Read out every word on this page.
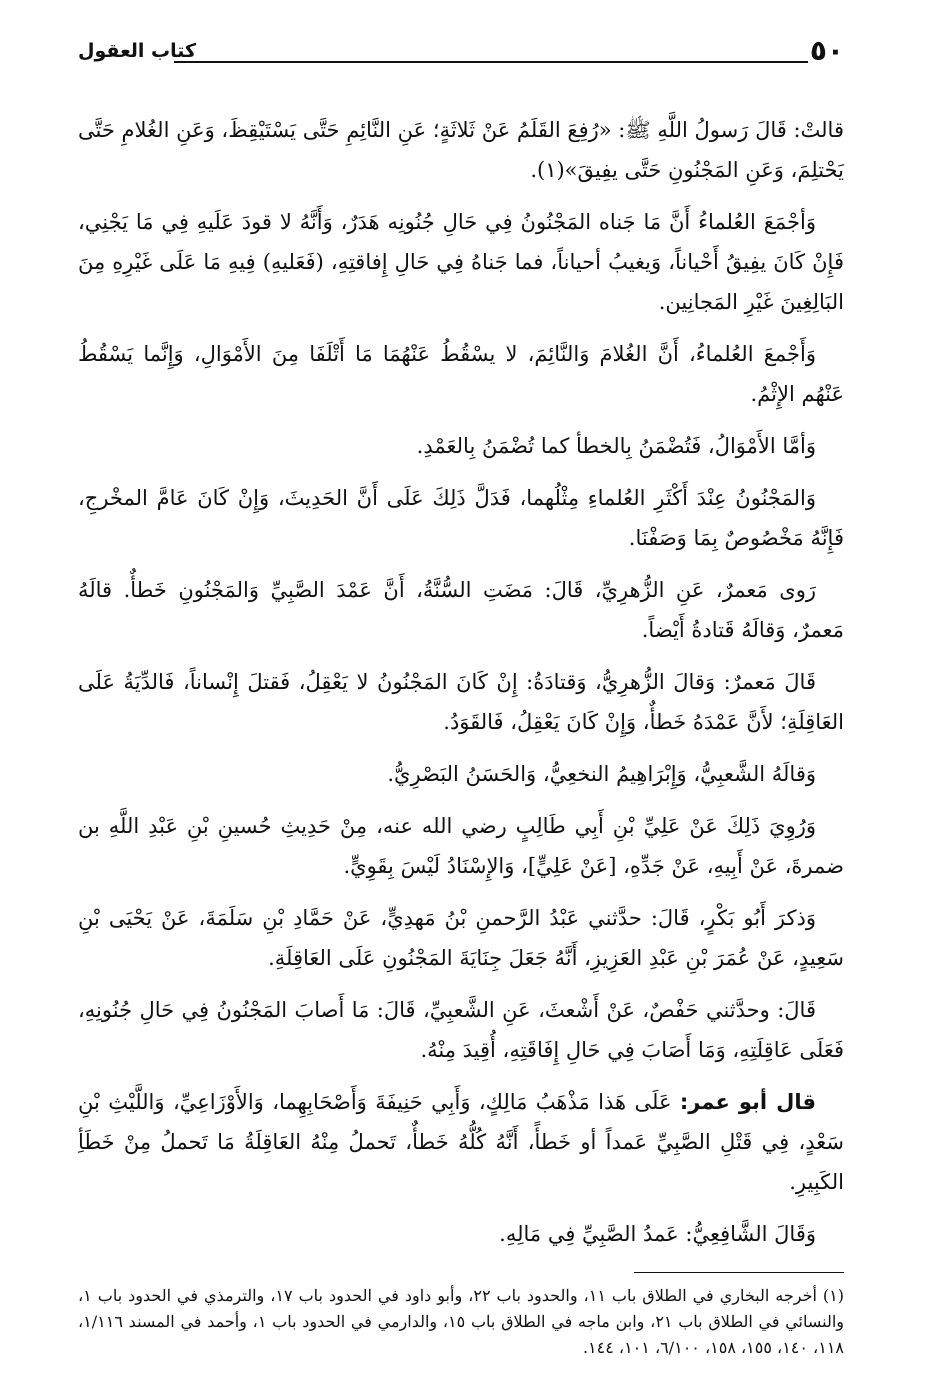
٥٠
كتاب العقول

قالتْ: قَالَ رَسولُ اللَّهِ ﷺ: «رُفِعَ القَلَمُ عَنْ ثَلاثَةٍ؛ عَنِ النَّائِمِ حَتَّى يَسْتَيْقِظَ، وَعَنِ الغُلامِ حَتَّى يَحْتلِمَ، وَعَنِ المَجْنُونِ حَتَّى يفِيقَ»(١).

وَأجْمَعَ العُلماءُ أَنَّ مَا جَناه المَجْنُونُ فِي حَالِ جُنُونِه هَدَرٌ، وَأَنَّهُ لا قودَ عَلَيهِ فِي مَا يَجْنِي، فَإِنْ كَانَ يفِيقُ أَحْياناً، وَيغيبُ أحياناً، فما جَناهُ فِي حَالِ إِفاقتِهِ، (فَعَليهِ) فِيهِ مَا عَلَى غَيْرِهِ مِنَ البَالِغِينَ غَيْرِ المَجانِين.

وَأَجْمعَ العُلماءُ، أَنَّ الغُلامَ وَالنَّائِمَ، لا يسْقُطُ عَنْهُمَا مَا أَتْلَفَا مِنَ الأَمْوَالِ، وَإِنَّما يَسْقُطُ عَنْهُم الإِثْمُ.

وَأمَّا الأَمْوَالُ، فَتُضْمَنُ بِالخطأ كما تُضْمَنُ بِالعَمْدِ.

وَالمَجْنُونُ عِنْدَ أَكْثَرِ العُلماءِ مِثْلُهما، فَدَلَّ ذَلِكَ عَلَى أَنَّ الحَدِيثَ، وَإِنْ كَانَ عَامَّ المخْرجِ، فَإِنَّهُ مَخْصُوصٌ بِمَا وَصَفْنَا.

رَوى مَعمرٌ، عَنِ الزُّهرِيِّ، قَالَ: مَضَتِ السُّنَّةُ، أَنَّ عَمْدَ الصَّبِيِّ وَالمَجْنُونِ خَطأٌ. قالَهُ مَعمرٌ، وَقالَهُ قَتادةُ أَيْضاً.

قَالَ مَعمرٌ: وَقالَ الزُّهرِيُّ، وَقتادَةُ: إِنْ كَانَ المَجْنُونُ لا يَعْقِلُ، فَقتلَ إِنْساناً، فَالدِّيَةُ عَلَى العَاقِلَةِ؛ لأَنَّ عَمْدَهُ خَطأٌ، وَإِنْ كَانَ يَعْقِلُ، فَالقَوَدُ.

وَقالَهُ الشَّعبِيُّ، وَإِبْرَاهِيمُ النخعِيُّ، وَالحَسَنُ البَصْرِيُّ.

وَرُوِيَ ذَلِكَ عَنْ عَلِيِّ بْنِ أَبِي طَالِبٍ رضي الله عنه، مِنْ حَدِيثِ حُسينِ بْنِ عَبْدِ اللَّهِ بن ضمرةَ، عَنْ أَبِيهِ، عَنْ جَدِّهِ، [عَنْ عَلِيٍّ]، وَالإِسْنَادُ لَيْسَ بِقَوِيٍّ.

وَذكرَ أَبُو بَكْرٍ، قَالَ: حدَّثني عَبْدُ الرَّحمنِ بْنُ مَهدِيٍّ، عَنْ حَمَّادِ بْنِ سَلَمَةَ، عَنْ يَحْيَى بْنِ سَعِيدٍ، عَنْ عُمَرَ بْنِ عَبْدِ العَزِيزِ، أَنَّهُ جَعَلَ جِنَايَةَ المَجْنُونِ عَلَى العَاقِلَةِ.

قَالَ: وحدَّثني حَفْصٌ، عَنْ أَشْعثَ، عَنِ الشَّعبِيِّ، قَالَ: مَا أَصابَ المَجْنُونُ فِي حَالِ جُنُونِهِ، فَعَلَى عَاقِلَتِهِ، وَمَا أَصَابَ فِي حَالِ إِفَاقَتِهِ، أُقِيدَ مِنْهُ.

قال أبو عمر: عَلَى هَذا مَذْهَبُ مَالِكٍ، وَأَبِي حَنِيفَةَ وَأَصْحَابِهِما، وَالأَوْزَاعِيِّ، وَاللَّيْثِ بْنِ سَعْدٍ، فِي قَتْلِ الصَّبِيِّ عَمداً أو خَطأً، أَنَّهُ كُلُّهُ خَطأٌ، تَحملُ مِنْهُ العَاقِلَةُ مَا تَحملُ مِنْ خَطَأِ الكَبِيرِ.

وَقَالَ الشَّافِعِيُّ: عَمدُ الصَّبِيِّ فِي مَالِهِ.

(١) أخرجه البخاري في الطلاق باب ١١، والحدود باب ٢٢، وأبو داود في الحدود باب ١٧، والترمذي في الحدود باب ١، والنسائي في الطلاق باب ٢١، وابن ماجه في الطلاق باب ١٥، والدارمي في الحدود باب ١، وأحمد في المسند ١/١١٦، ١١٨، ١٤٠، ١٥٥، ١٥٨، ٦/١٠٠، ١٠١، ١٤٤.
